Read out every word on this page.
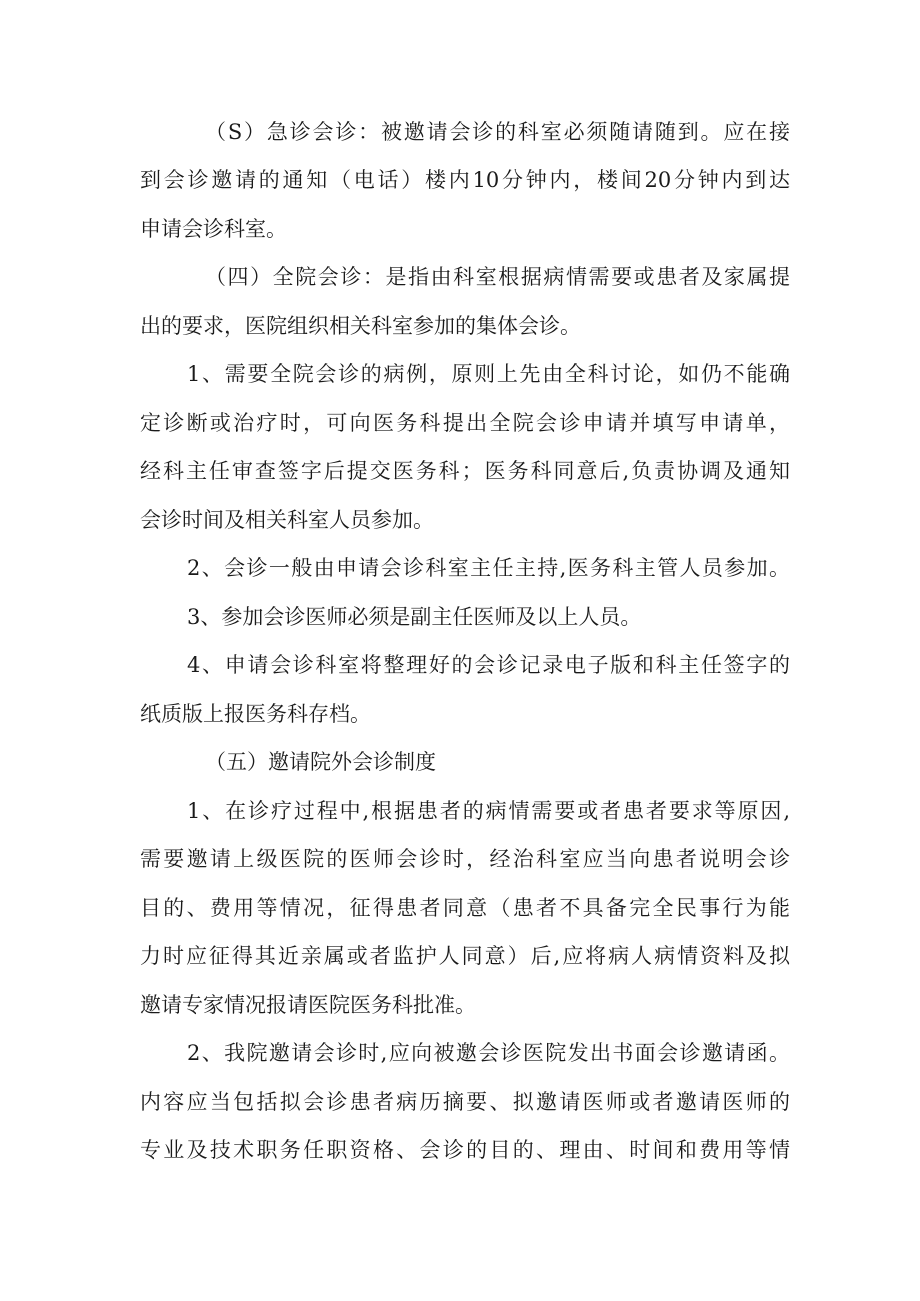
（S）急诊会诊：被邀请会诊的科室必须随请随到。应在接

到会诊邀请的通知（电话）楼内10分钟内，楼间20分钟内到达

申请会诊科室。

（四）全院会诊：是指由科室根据病情需要或患者及家属提

出的要求，医院组织相关科室参加的集体会诊。

1、需要全院会诊的病例，原则上先由全科讨论，如仍不能确

定诊断或治疗时，可向医务科提出全院会诊申请并填写申请单，

经科主任审查签字后提交医务科；医务科同意后,负责协调及通知

会诊时间及相关科室人员参加。

2、会诊一般由申请会诊科室主任主持,医务科主管人员参加。

3、参加会诊医师必须是副主任医师及以上人员。

4、申请会诊科室将整理好的会诊记录电子版和科主任签字的

纸质版上报医务科存档。

（五）邀请院外会诊制度

1、在诊疗过程中,根据患者的病情需要或者患者要求等原因,

需要邀请上级医院的医师会诊时，经治科室应当向患者说明会诊

目的、费用等情况，征得患者同意（患者不具备完全民事行为能

力时应征得其近亲属或者监护人同意）后,应将病人病情资料及拟

邀请专家情况报请医院医务科批准。

2、我院邀请会诊时,应向被邀会诊医院发出书面会诊邀请函。

内容应当包括拟会诊患者病历摘要、拟邀请医师或者邀请医师的

专业及技术职务任职资格、会诊的目的、理由、时间和费用等情
